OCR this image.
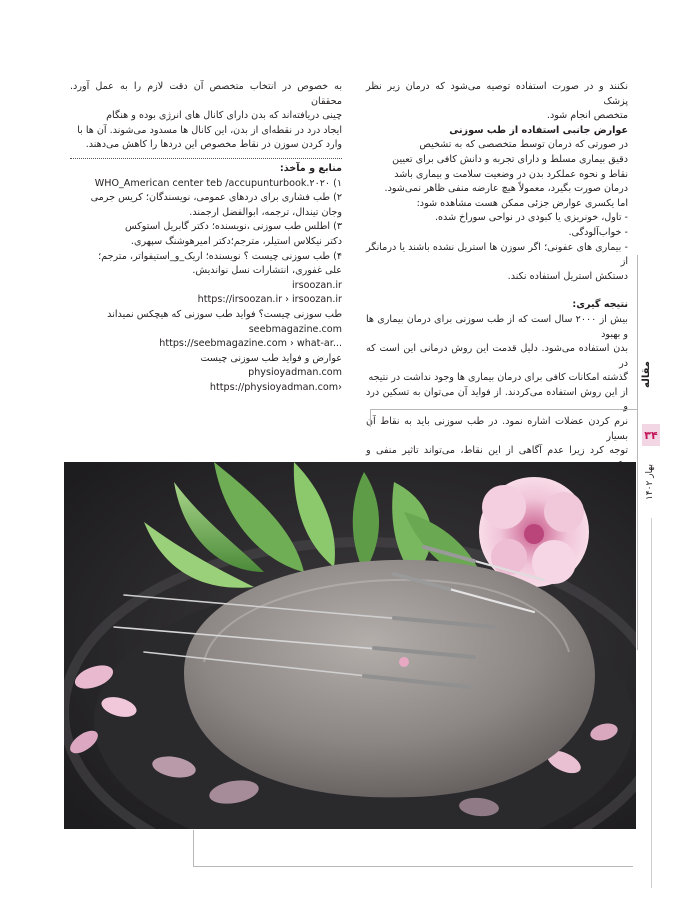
نکنند و در صورت استفاده توصیه می‌شود که درمان زیر نظر پزشک
متخصص انجام شود.
عوارض جانبی استفاده از طب سوزنی
در صورتی که درمان توسط متخصصی که به تشخیص
دقیق بیماری مسلط و دارای تجربه و دانش کافی برای تعیین
نقاط و نحوه عملکرد بدن در وضعیت سلامت و بیماری باشد
درمان صورت بگیرد، معمولاً هیچ عارضه منفی ظاهر نمی‌شود.
اما یکسری عوارض جزئی ممکن هست مشاهده شود:
- تاول، خونریزی یا کبودی در نواحی سوراخ شده.
- خواب‌آلودگی.
- بیماری های عفونی؛ اگر سوزن ها استریل نشده باشند یا درمانگر از
دستکش استریل استفاده نکند.
نتیجه گیری:
بیش از ۲۰۰۰ سال است که از طب سوزنی برای درمان بیماری ها و بهبود
بدن استفاده می‌شود. دلیل قدمت این روش درمانی این است که در
گذشته امکانات کافی برای درمان بیماری ها وجود نداشت در نتیجه
از این روش استفاده می‌کردند. از فواید آن می‌توان به تسکین درد و
نرم کردن عضلات اشاره نمود. در طب سوزنی باید به نقاط آن بسیار
توجه کرد زیرا عدم آگاهی از این نقاط، می‌تواند تاثیر منفی و
به خصوص در انتخاب متخصص آن دقت لازم را به عمل آورد. محققان
چینی دریافته‌اند که بدن دارای کانال های انرژی بوده و هنگام
ایجاد درد در نقطه‌ای از بدن، این کانال ها مسدود می‌شوند. آن ها با
وارد کردن سوزن در نقاط مخصوص این دردها را کاهش می‌دهند.
منابع و مآخذ:
۱) WHO_American center teb /accupunturbook.۲۰۲۰
۲) طب فشاری برای دردهای عمومی، نویسندگان؛ کریس جرمی
وجان تیندال، ترجمه، ابوالفضل ارجمند.
۳) اطلس طب سوزنی ،نویسنده؛ دکتر گابریل استوکس
دکتر نیکلاس استیلر، مترجم؛دکتر امیرهوشنگ سپهری.
۴) طب سوزنی چیست ؟ نویسنده؛ اریک_و_استیفواتر، مترجم؛
علی غفوری، انتشارات نسل نواندیش.
irsoozan.ir
https://irsoozan.ir › irsoozan.ir
طب سوزنی چیست؟ فواید طب سوزنی که هیچکس نمیداند
seebmagazine.com
https://seebmagazine.com › what-ar...
عوارض و فواید طب سوزنی چیست
physioyadman.com
https://physioyadman.com›	مقاله
۳۴
بهار ۱۴۰۲
